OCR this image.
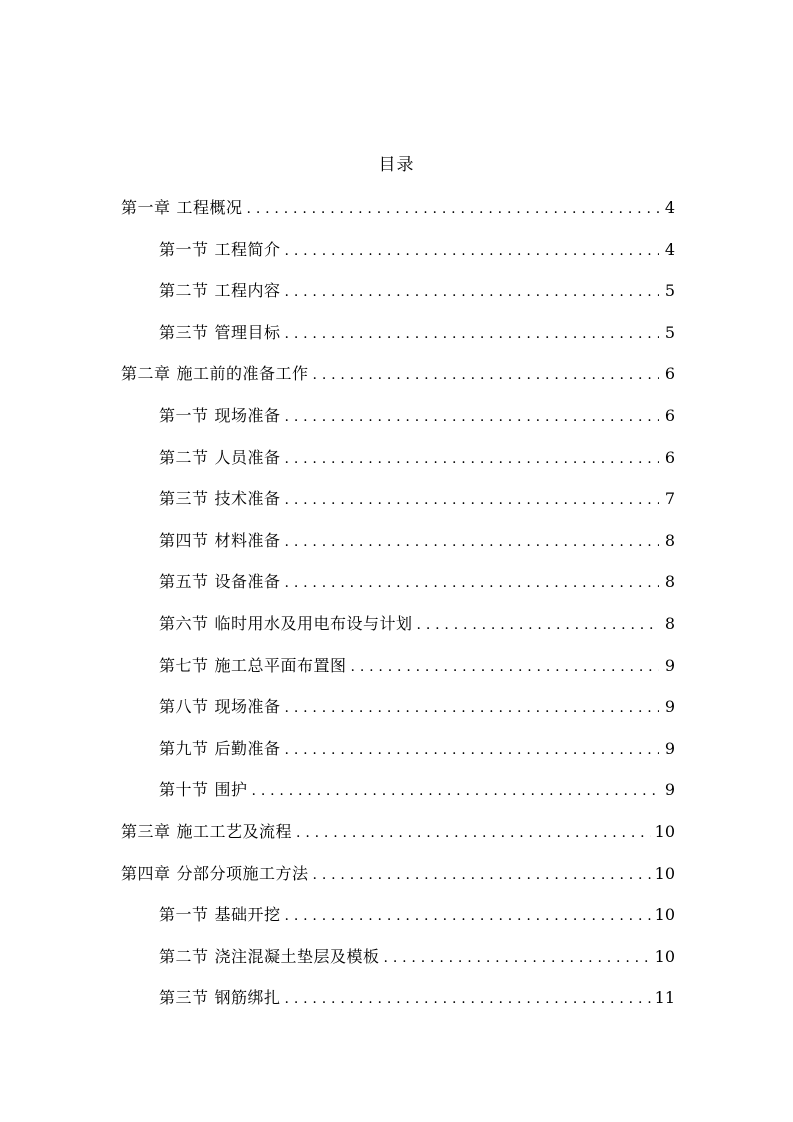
目录
第一章 工程概况 . . .	4
第一节 工程简介 . . .	4
第二节 工程内容 . . .	5
第三节 管理目标 . . .	5
第二章 施工前的准备工作 . . .	6
第一节 现场准备 . . .	6
第二节 人员准备 . . .	6
第三节 技术准备 . . .	7
第四节 材料准备 . . .	8
第五节 设备准备 . . .	8
第六节 临时用水及用电布设与计划 . . .	8
第七节 施工总平面布置图 . . .	9
第八节 现场准备 . . .	9
第九节 后勤准备 . . .	9
第十节 围护 . . .	9
第三章 施工工艺及流程 . . .	10
第四章 分部分项施工方法 . . .	10
第一节 基础开挖 . . .	10
第二节 浇注混凝土垫层及模板 . . .	10
第三节 钢筋绑扎 . . .	11
